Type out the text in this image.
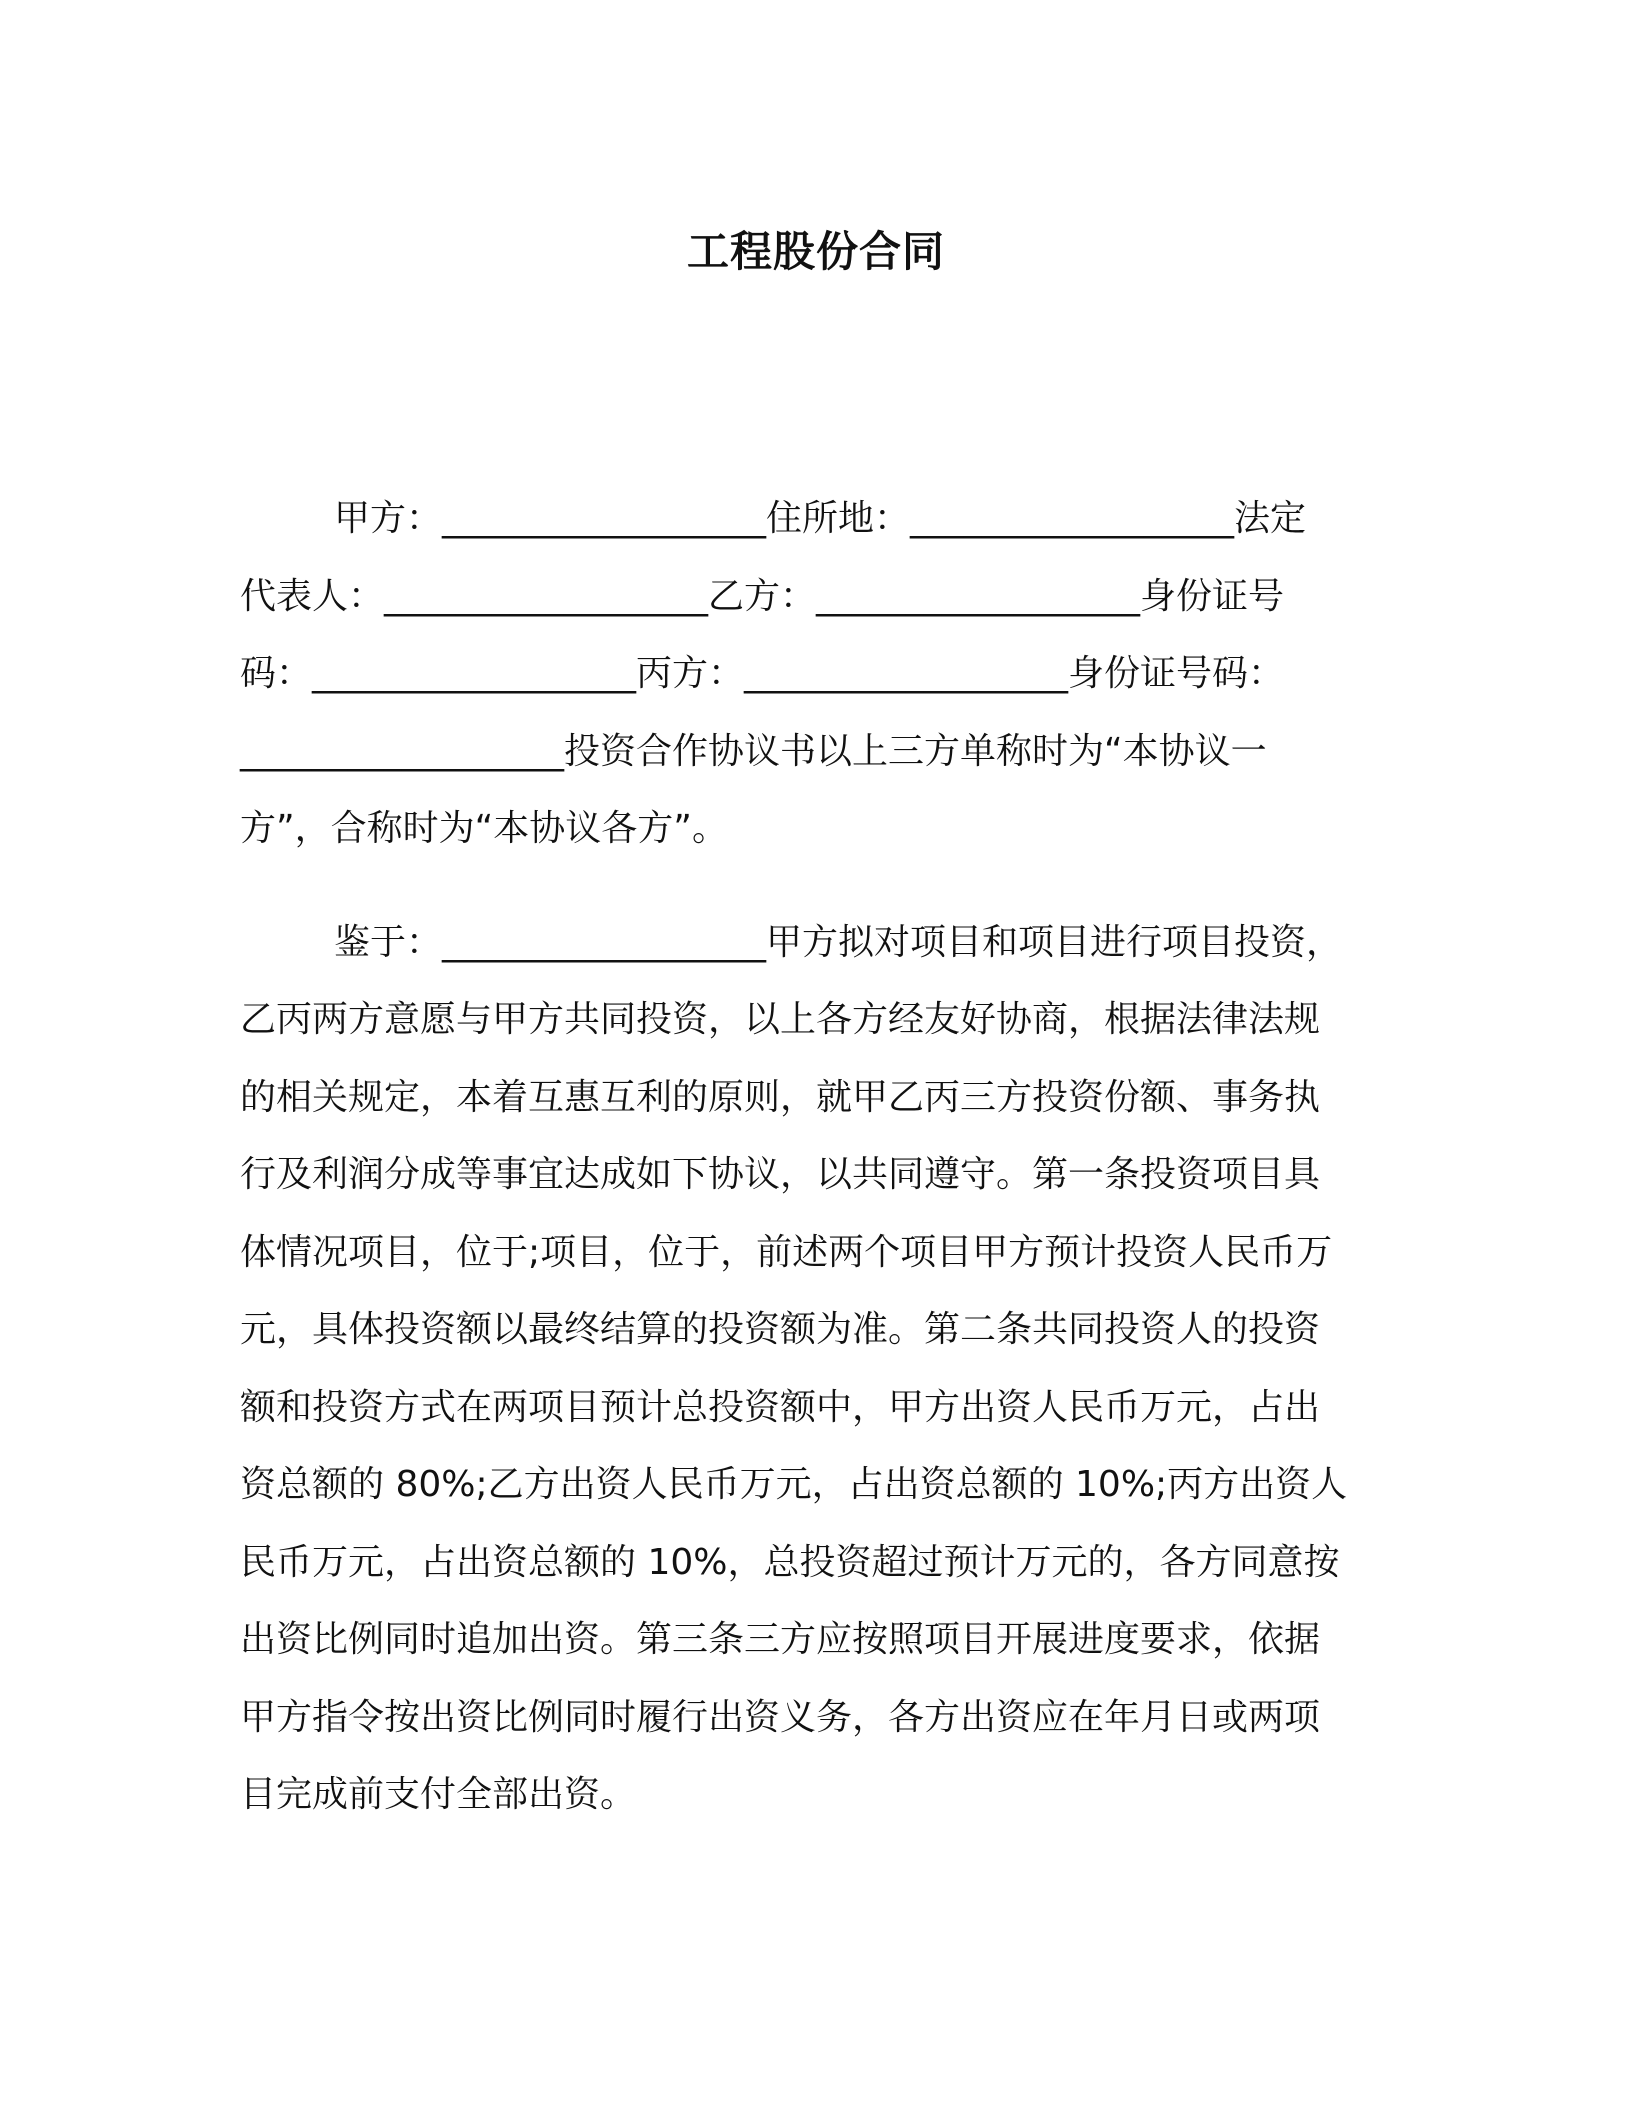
工程股份合同
甲方：__________________住所地：__________________法定
代表人：__________________乙方：__________________身份证号
码：__________________丙方：__________________身份证号码：
__________________投资合作协议书以上三方单称时为“本协议一
方”，合称时为“本协议各方”。
鉴于：__________________甲方拟对项目和项目进行项目投资，
乙丙两方意愿与甲方共同投资，以上各方经友好协商，根据法律法规
的相关规定，本着互惠互利的原则，就甲乙丙三方投资份额、事务执
行及利润分成等事宜达成如下协议，以共同遵守。第一条投资项目具
体情况项目，位于;项目，位于，前述两个项目甲方预计投资人民币万
元，具体投资额以最终结算的投资额为准。第二条共同投资人的投资
额和投资方式在两项目预计总投资额中，甲方出资人民币万元，占出
资总额的 80%;乙方出资人民币万元，占出资总额的 10%;丙方出资人
民币万元，占出资总额的 10%，总投资超过预计万元的，各方同意按
出资比例同时追加出资。第三条三方应按照项目开展进度要求，依据
甲方指令按出资比例同时履行出资义务，各方出资应在年月日或两项
目完成前支付全部出资。
